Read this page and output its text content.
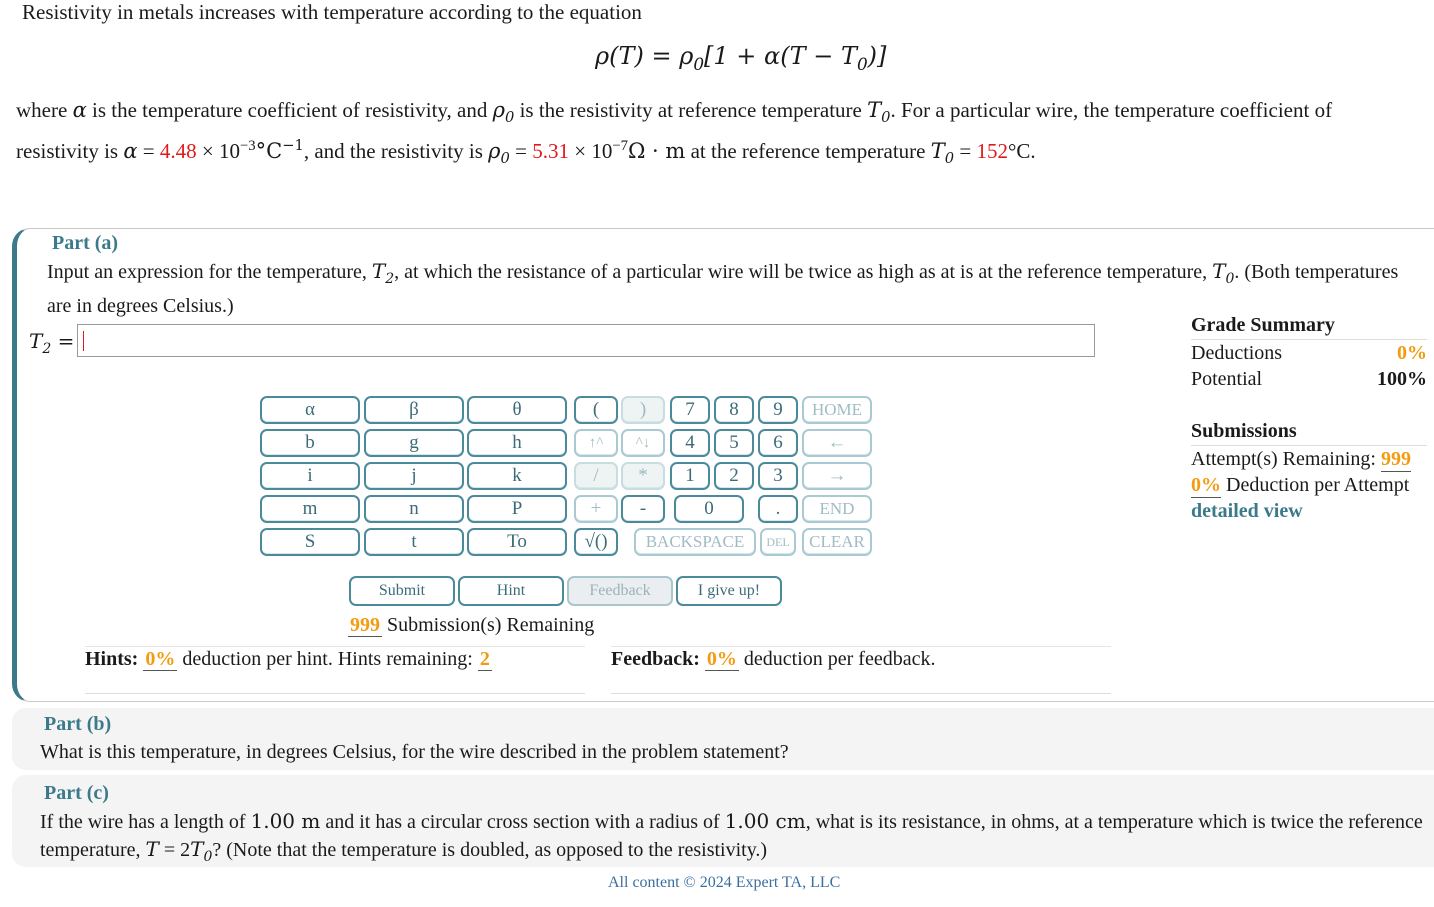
Resistivity in metals increases with temperature according to the equation
$\rho(T) = \rho_0[1 + \alpha(T - T_0)]$
where α is the temperature coefficient of resistivity, and $\rho_0$ is the resistivity at reference temperature $T_0$. For a particular wire, the temperature coefficient of resistivity is $\alpha = 4.48 \times 10^{-3}^\circ C^{-1}$, and the resistivity is $\rho_0 = 5.31 \times 10^{-7}\Omega \cdot m$ at the reference temperature $T_0 = 152^\circ C$.
Part (a)
Input an expression for the temperature, $T_2$, at which the resistance of a particular wire will be twice as high as at is at the reference temperature, $T_0$. (Both temperatures are in degrees Celsius.)
$T_2$ =
α	β	θ
b	g	h
i	j	k
m	n	P
S	t	To
(	)
↑^	^↓
/	*
+	-
√()
7	8	9
4	5	6
1	2	3
0	.
HOME
←
→
END
BACKSPACE	DEL	CLEAR
Submit	Hint	Feedback	I give up!
999 Submission(s) Remaining
Hints: 0% deduction per hint. Hints remaining: 2	Feedback: 0% deduction per feedback.
Grade Summary
Deductions	0%
Potential	100%
Submissions
Attempt(s) Remaining:
999
0%
Deduction per Attempt
detailed view
Part (b)
What is this temperature, in degrees Celsius, for the wire described in the problem statement?
Part (c)
If the wire has a length of 1.00 m and it has a circular cross section with a radius of 1.00 cm, what is its resistance, in ohms, at a temperature which is twice the reference temperature, $T = 2T_0$? (Note that the temperature is doubled, as opposed to the resistivity.)
All content © 2024 Expert TA, LLC
